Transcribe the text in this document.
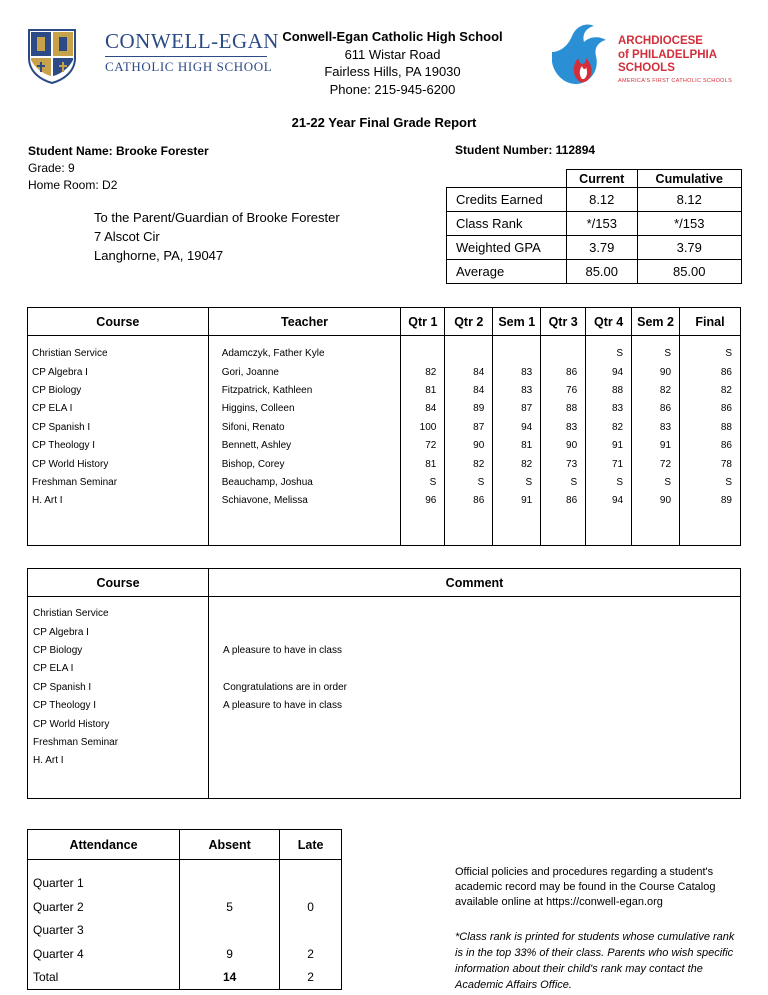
CONWELL-EGAN
CATHOLIC HIGH SCHOOL
Conwell-Egan Catholic High School
611 Wistar Road
Fairless Hills, PA 19030
Phone: 215-945-6200
ARCHDIOCESE
of PHILADELPHIA
SCHOOLS
AMERICA'S FIRST CATHOLIC SCHOOLS
21-22 Year Final Grade Report
Student Name: Brooke Forester
Grade: 9
Home Room: D2
Student Number: 112894
To the Parent/Guardian of Brooke Forester
7 Alscot Cir
Langhorne, PA, 19047
	Current	Cumulative
Credits Earned	8.12	8.12
Class Rank	*/153	*/153
Weighted GPA	3.79	3.79
Average	85.00	85.00
Course	Teacher	Qtr 1	Qtr 2	Sem 1	Qtr 3	Qtr 4	Sem 2	Final

Christian Service	Adamczyk, Father Kyle					S	S	S
CP Algebra I	Gori, Joanne	82	84	83	86	94	90	86
CP Biology	Fitzpatrick, Kathleen	81	84	83	76	88	82	82
CP ELA I	Higgins, Colleen	84	89	87	88	83	86	86
CP Spanish I	Sifoni, Renato	100	87	94	83	82	83	88
CP Theology I	Bennett, Ashley	72	90	81	90	91	91	86
CP World History	Bishop, Corey	81	82	82	73	71	72	78
Freshman Seminar	Beauchamp, Joshua	S	S	S	S	S	S	S
H. Art I	Schiavone, Melissa	96	86	91	86	94	90	89

Course	Comment

Christian Service	
CP Algebra I	
CP Biology	A pleasure to have in class
CP ELA I	
CP Spanish I	Congratulations are in order
CP Theology I	A pleasure to have in class
CP World History	
Freshman Seminar	
H. Art I	

Attendance	Absent	Late

Quarter 1		
Quarter 2	5	0
Quarter 3		
Quarter 4	9	2
Total	14	2
Official policies and procedures regarding a student's academic record may be found in the Course Catalog available online at https://conwell-egan.org
*Class rank is printed for students whose cumulative rank is in the top 33% of their class. Parents who wish specific information about their child's rank may contact the Academic Affairs Office.
